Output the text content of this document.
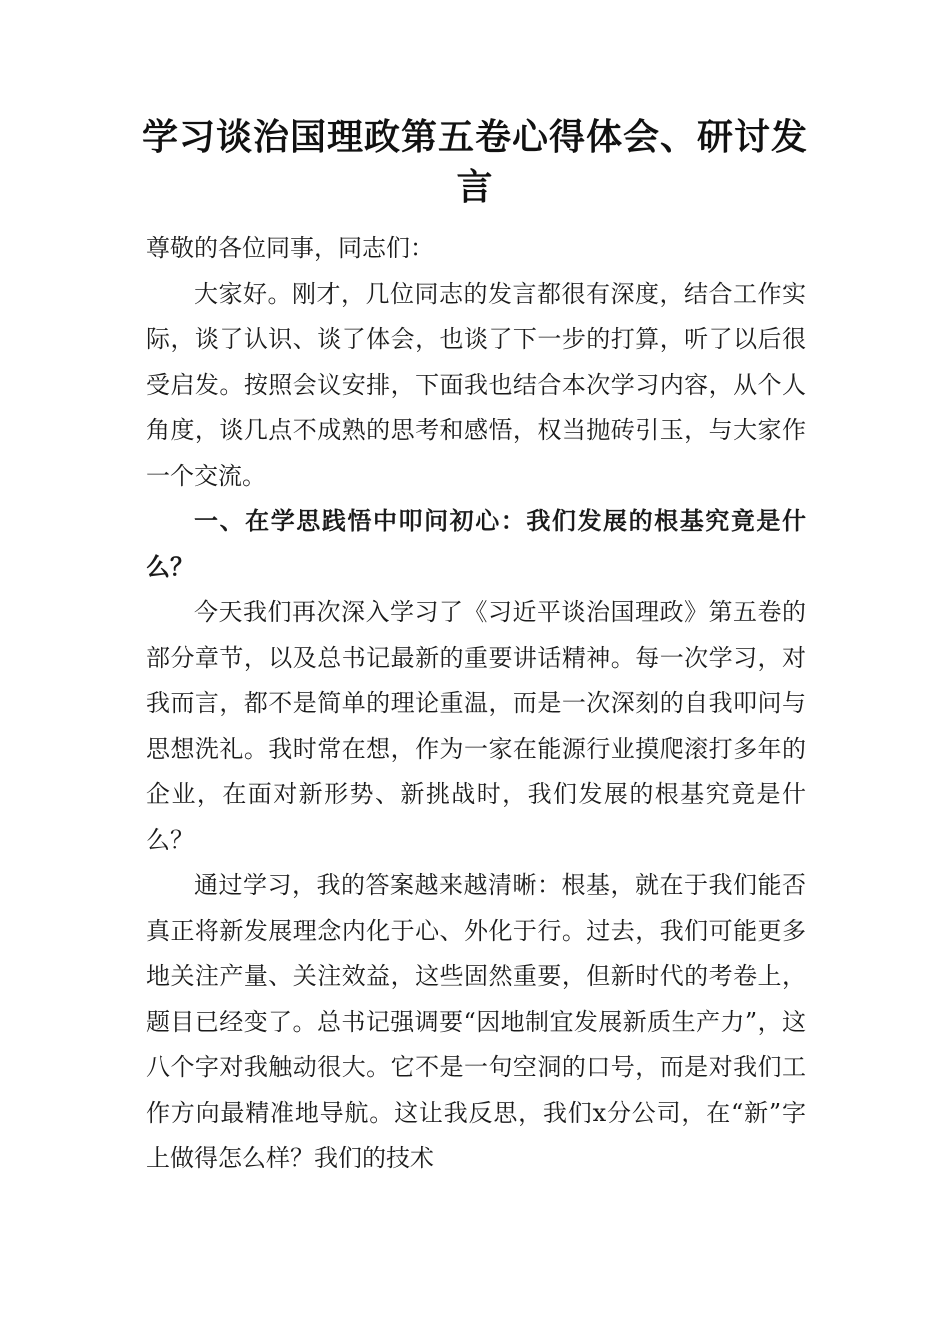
学习谈治国理政第五卷心得体会、研讨发言

尊敬的各位同事，同志们：

大家好。刚才，几位同志的发言都很有深度，结合工作实际，谈了认识、谈了体会，也谈了下一步的打算，听了以后很受启发。按照会议安排，下面我也结合本次学习内容，从个人角度，谈几点不成熟的思考和感悟，权当抛砖引玉，与大家作一个交流。

一、在学思践悟中叩问初心：我们发展的根基究竟是什么？

今天我们再次深入学习了《习近平谈治国理政》第五卷的部分章节，以及总书记最新的重要讲话精神。每一次学习，对我而言，都不是简单的理论重温，而是一次深刻的自我叩问与思想洗礼。我时常在想，作为一家在能源行业摸爬滚打多年的企业，在面对新形势、新挑战时，我们发展的根基究竟是什么？

通过学习，我的答案越来越清晰：根基，就在于我们能否真正将新发展理念内化于心、外化于行。过去，我们可能更多地关注产量、关注效益，这些固然重要，但新时代的考卷上，题目已经变了。总书记强调要“因地制宜发展新质生产力”，这八个字对我触动很大。它不是一句空洞的口号，而是对我们工作方向最精准地导航。这让我反思，我们x分公司，在“新”字上做得怎么样？我们的技术
